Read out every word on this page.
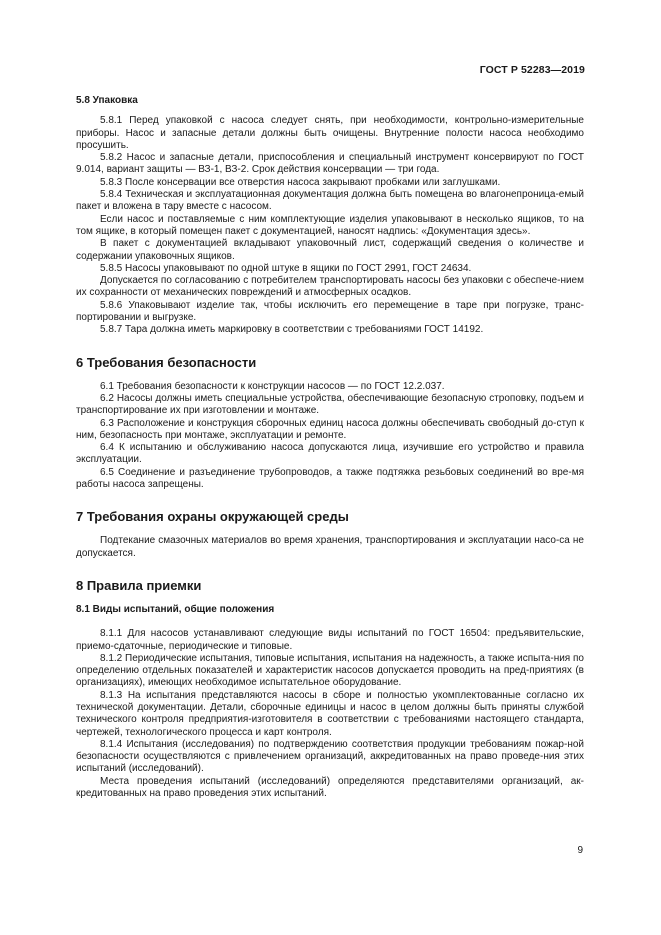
ГОСТ Р 52283—2019
5.8 Упаковка

5.8.1 Перед упаковкой с насоса следует снять, при необходимости, контрольно-измерительные приборы. Насос и запасные детали должны быть очищены. Внутренние полости насоса необходимо просушить.

5.8.2 Насос и запасные детали, приспособления и специальный инструмент консервируют по ГОСТ 9.014, вариант защиты — ВЗ-1, ВЗ-2. Срок действия консервации — три года.

5.8.3 После консервации все отверстия насоса закрывают пробками или заглушками.

5.8.4 Техническая и эксплуатационная документация должна быть помещена во влагонепроница-емый пакет и вложена в тару вместе с насосом.

Если насос и поставляемые с ним комплектующие изделия упаковывают в несколько ящиков, то на том ящике, в который помещен пакет с документацией, наносят надпись: «Документация здесь».

В пакет с документацией вкладывают упаковочный лист, содержащий сведения о количестве и содержании упаковочных ящиков.

5.8.5 Насосы упаковывают по одной штуке в ящики по ГОСТ 2991, ГОСТ 24634.

Допускается по согласованию с потребителем транспортировать насосы без упаковки с обеспече-нием их сохранности от механических повреждений и атмосферных осадков.

5.8.6 Упаковывают изделие так, чтобы исключить его перемещение в таре при погрузке, транс-портировании и выгрузке.

5.8.7 Тара должна иметь маркировку в соответствии с требованиями ГОСТ 14192.

6 Требования безопасности

6.1 Требования безопасности к конструкции насосов — по ГОСТ 12.2.037.

6.2 Насосы должны иметь специальные устройства, обеспечивающие безопасную строповку, подъем и транспортирование их при изготовлении и монтаже.

6.3 Расположение и конструкция сборочных единиц насоса должны обеспечивать свободный до-ступ к ним, безопасность при монтаже, эксплуатации и ремонте.

6.4 К испытанию и обслуживанию насоса допускаются лица, изучившие его устройство и правила эксплуатации.

6.5 Соединение и разъединение трубопроводов, а также подтяжка резьбовых соединений во вре-мя работы насоса запрещены.

7 Требования охраны окружающей среды

Подтекание смазочных материалов во время хранения, транспортирования и эксплуатации насо-са не допускается.

8 Правила приемки
8.1 Виды испытаний, общие положения

8.1.1 Для насосов устанавливают следующие виды испытаний по ГОСТ 16504: предъявительские, приемо-сдаточные, периодические и типовые.

8.1.2 Периодические испытания, типовые испытания, испытания на надежность, а также испыта-ния по определению отдельных показателей и характеристик насосов допускается проводить на пред-приятиях (в организациях), имеющих необходимое испытательное оборудование.

8.1.3 На испытания представляются насосы в сборе и полностью укомплектованные согласно их технической документации. Детали, сборочные единицы и насос в целом должны быть приняты службой технического контроля предприятия-изготовителя в соответствии с требованиями настоящего стандарта, чертежей, технологического процесса и карт контроля.

8.1.4 Испытания (исследования) по подтверждению соответствия продукции требованиям пожар-ной безопасности осуществляются с привлечением организаций, аккредитованных на право проведе-ния этих испытаний (исследований).

Места проведения испытаний (исследований) определяются представителями организаций, ак-кредитованных на право проведения этих испытаний.

9
